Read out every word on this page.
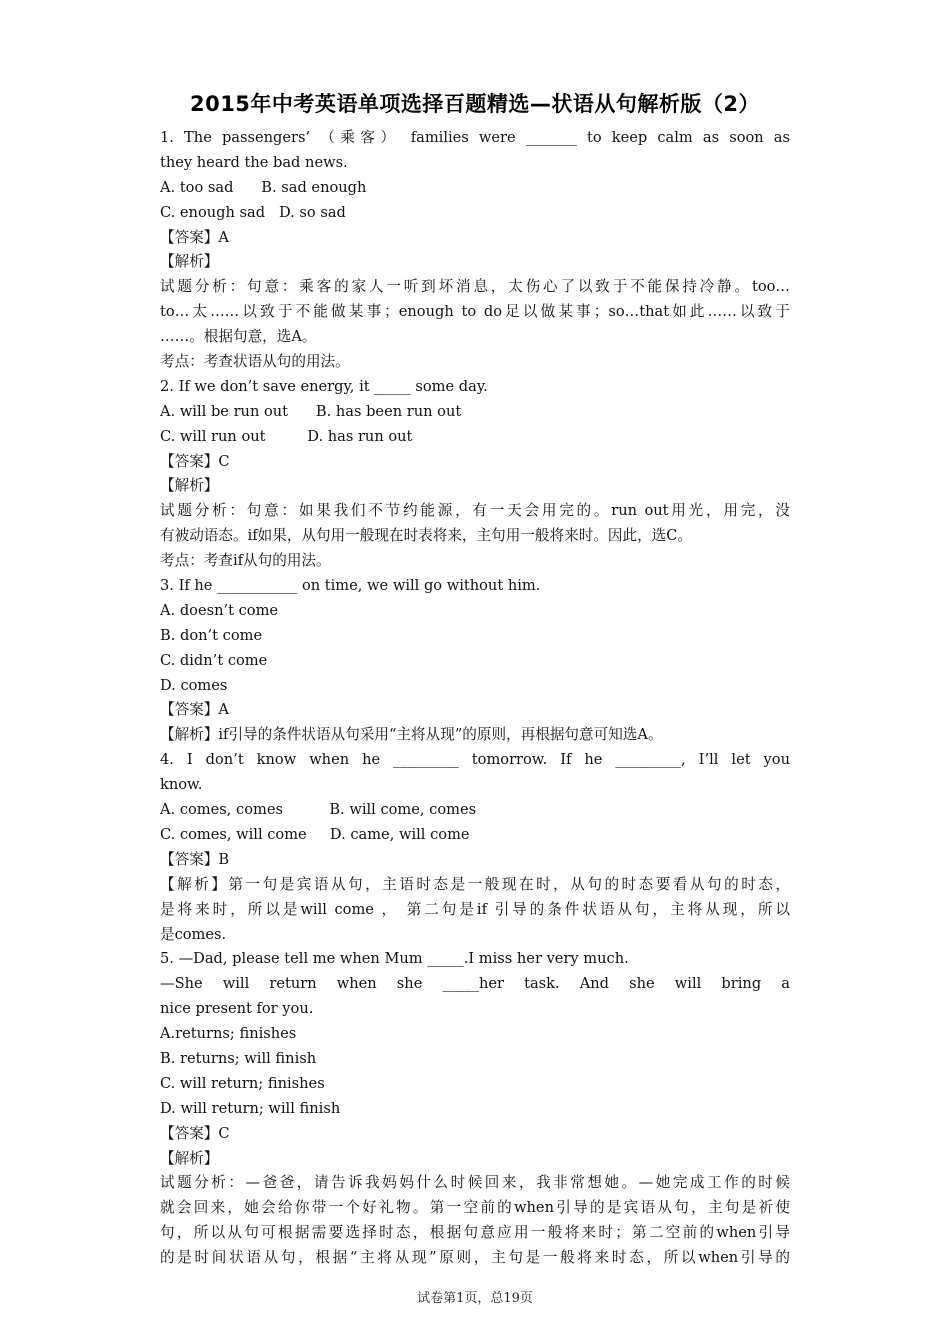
2015年中考英语单项选择百题精选—状语从句解析版（2）
1. The passengers’ （乘客） families were _______ to keep calm as soon as
they heard the bad news.
A. too sad      B. sad enough
C. enough sad   D. so sad
【答案】A
【解析】
试题分析：句意：乘客的家人一听到坏消息，太伤心了以致于不能保持冷静。too…
to…太……以致于不能做某事；enough to do足以做某事；so…that如此……以致于
……。根据句意，选A。
考点：考查状语从句的用法。
2. If we don’t save energy, it _____ some day.
A. will be run out      B. has been run out
C. will run out         D. has run out
【答案】C
【解析】
试题分析：句意：如果我们不节约能源，有一天会用完的。run out用光，用完，没
有被动语态。if如果，从句用一般现在时表将来，主句用一般将来时。因此，选C。
考点：考查if从句的用法。
3. If he ___________ on time, we will go without him.
A. doesn’t come
B. don’t come
C. didn’t come
D. comes
【答案】A
【解析】if引导的条件状语从句采用“主将从现”的原则，再根据句意可知选A。
4. I don’t know when he _________ tomorrow. If he _________, I’ll let you
know.
A. comes, comes          B. will come, comes
C. comes, will come     D. came, will come
【答案】B
【解析】第一句是宾语从句，主语时态是一般现在时，从句的时态要看从句的时态，
是将来时，所以是will come ， 第二句是if 引导的条件状语从句，主将从现，所以
是comes.
5. —Dad, please tell me when Mum _____.I miss her very much.
—She will return when she _____her task. And she will bring a
nice present for you.
A.returns; finishes
B. returns; will finish
C. will return; finishes
D. will return; will finish
【答案】C
【解析】
试题分析：—爸爸，请告诉我妈妈什么时候回来，我非常想她。—她完成工作的时候
就会回来，她会给你带一个好礼物。第一空前的when引导的是宾语从句，主句是祈使
句，所以从句可根据需要选择时态，根据句意应用一般将来时；第二空前的when引导
的是时间状语从句，根据“主将从现”原则，主句是一般将来时态，所以when引导的
试卷第1页，总19页
